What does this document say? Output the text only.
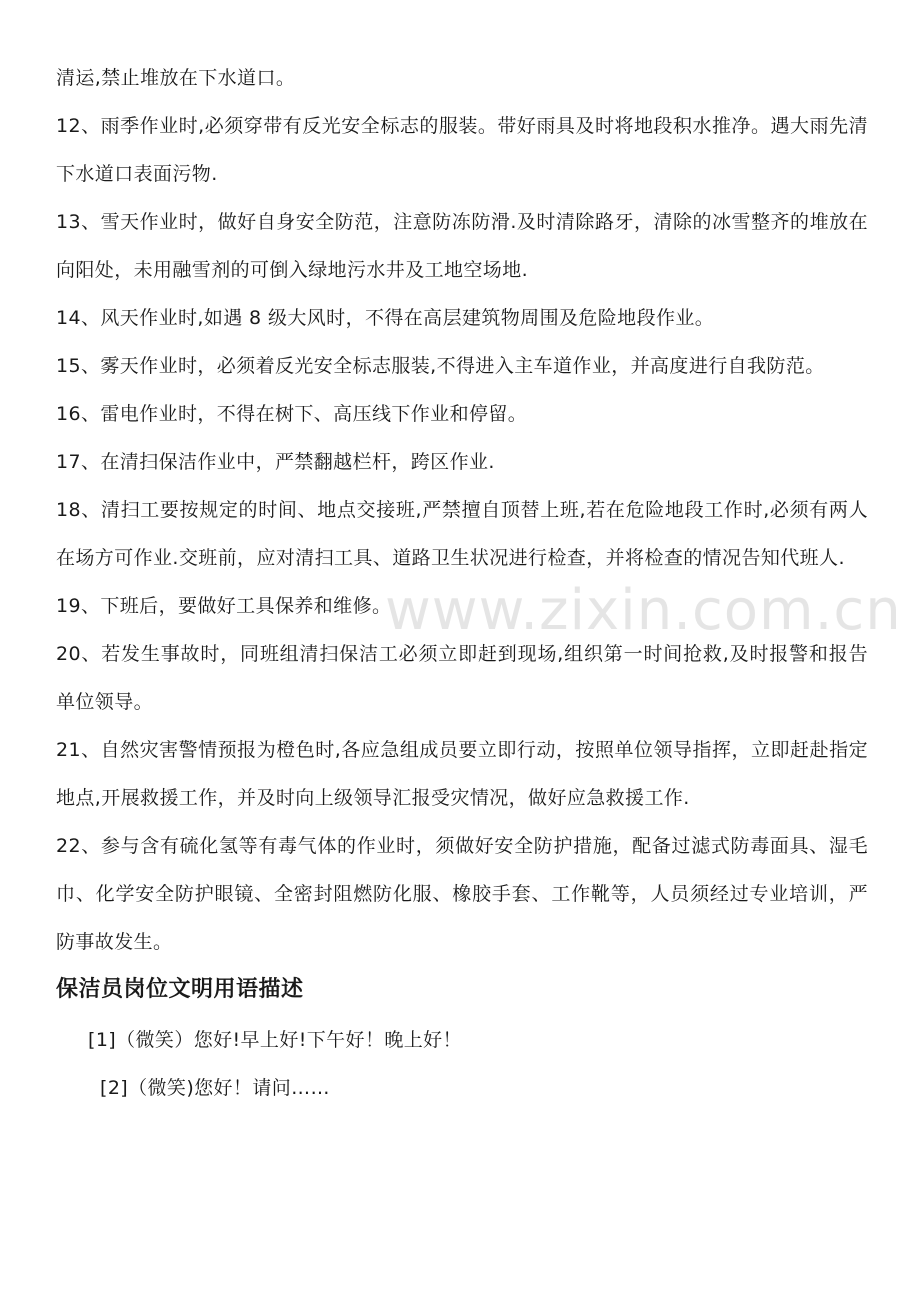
清运,禁止堆放在下水道口。

12、雨季作业时,必须穿带有反光安全标志的服装。带好雨具及时将地段积水推净。遇大雨先清下水道口表面污物.

13、雪天作业时，做好自身安全防范，注意防冻防滑.及时清除路牙，清除的冰雪整齐的堆放在向阳处，未用融雪剂的可倒入绿地污水井及工地空场地.

14、风天作业时,如遇 8 级大风时，不得在高层建筑物周围及危险地段作业。

15、雾天作业时，必须着反光安全标志服装,不得进入主车道作业，并高度进行自我防范。

16、雷电作业时，不得在树下、高压线下作业和停留。

17、在清扫保洁作业中，严禁翻越栏杆，跨区作业.

18、清扫工要按规定的时间、地点交接班,严禁擅自顶替上班,若在危险地段工作时,必须有两人在场方可作业.交班前，应对清扫工具、道路卫生状况进行检查，并将检查的情况告知代班人.

19、下班后，要做好工具保养和维修。

20、若发生事故时，同班组清扫保洁工必须立即赶到现场,组织第一时间抢救,及时报警和报告单位领导。

21、自然灾害警情预报为橙色时,各应急组成员要立即行动，按照单位领导指挥，立即赶赴指定地点,开展救援工作，并及时向上级领导汇报受灾情况，做好应急救援工作.

22、参与含有硫化氢等有毒气体的作业时，须做好安全防护措施，配备过滤式防毒面具、湿毛巾、化学安全防护眼镜、全密封阻燃防化服、橡胶手套、工作靴等，人员须经过专业培训，严防事故发生。

保洁员岗位文明用语描述

[1]（微笑）您好!早上好!下午好！晚上好！

[2]（微笑)您好！请问……

www.zixin.com.cn
